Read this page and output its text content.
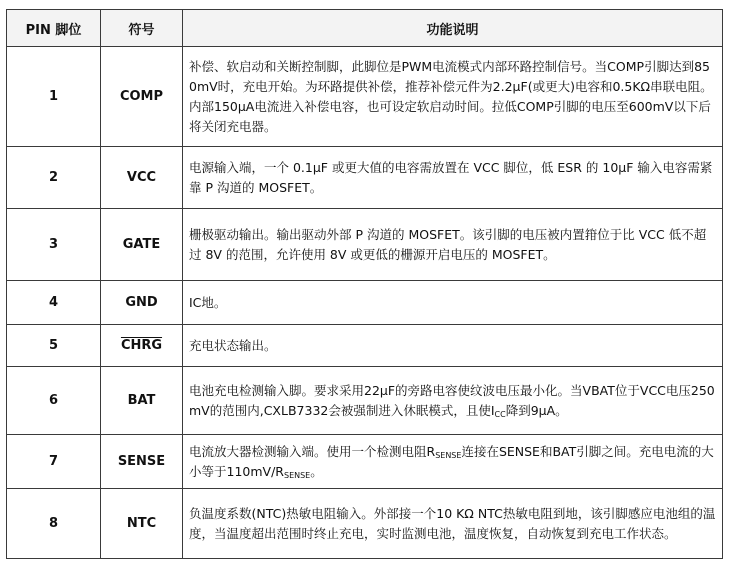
PIN 脚位	符号	功能说明
1	COMP	补偿、软启动和关断控制脚，此脚位是PWM电流模式内部环路控制信号。当COMP引脚达到850mV时，充电开始。为环路提供补偿，推荐补偿元件为2.2μF(或更大)电容和0.5KΩ串联电阻。内部150μA电流进入补偿电容，也可设定软启动时间。拉低COMP引脚的电压至600mV以下后将关闭充电器。
2	VCC	电源输入端，一个 0.1μF 或更大值的电容需放置在 VCC 脚位，低 ESR 的 10μF 输入电容需紧靠 P 沟道的 MOSFET。
3	GATE	栅极驱动输出。输出驱动外部 P 沟道的 MOSFET。该引脚的电压被内置箝位于比 VCC 低不超过 8V 的范围，允许使用 8V 或更低的栅源开启电压的 MOSFET。
4	GND	IC地。
5	CHRG	充电状态输出。
6	BAT	电池充电检测输入脚。要求采用22μF的旁路电容使纹波电压最小化。当VBAT位于VCC电压250mV的范围内,CXLB7332会被强制进入休眠模式，且使$I_{CC}$降到9μA。
7	SENSE	电流放大器检测输入端。使用一个检测电阻$R_{SENSE}$连接在SENSE和BAT引脚之间。充电电流的大小等于$110mV/R_{SENSE}$。
8	NTC	负温度系数(NTC)热敏电阻输入。外部接一个10 KΩ NTC热敏电阻到地，该引脚感应电池组的温度，当温度超出范围时终止充电，实时监测电池，温度恢复，自动恢复到充电工作状态。
